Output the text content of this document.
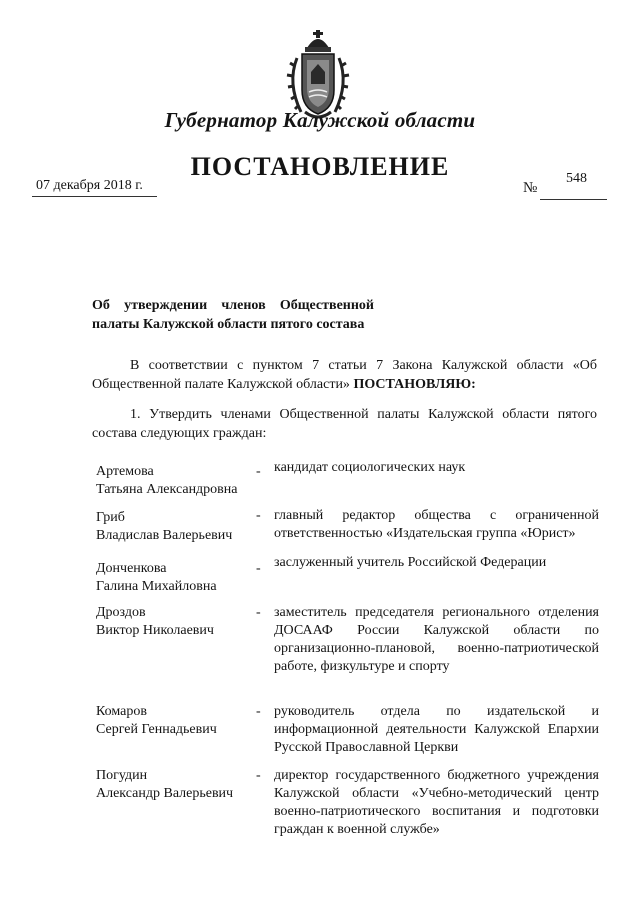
Губернатор Калужской области
ПОСТАНОВЛЕНИЕ
07 декабря 2018 г.	№
548
Об утверждении членов Общественной палаты Калужской области пятого состава
В соответствии с пунктом 7 статьи 7 Закона Калужской области «Об Общественной палате Калужской области» ПОСТАНОВЛЯЮ:
1. Утвердить членами Общественной палаты Калужской области пятого состава следующих граждан:
Артемова
Татьяна Александровна
- кандидат социологических наук
Гриб
Владислав Валерьевич
- главный редактор общества с ограниченной ответственностью «Издательская группа «Юрист»
Донченкова
Галина Михайловна
- заслуженный учитель Российской Федерации
Дроздов
Виктор Николаевич
- заместитель председателя регионального отделения ДОСААФ России Калужской области по организационно-плановой, военно-патриотической работе, физкультуре и спорту
Комаров
Сергей Геннадьевич
- руководитель отдела по издательской и информационной деятельности Калужской Епархии Русской Православной Церкви
Погудин
Александр Валерьевич
- директор государственного бюджетного учреждения Калужской области «Учебно-методический центр военно-патриотического воспитания и подготовки граждан к военной службе»
